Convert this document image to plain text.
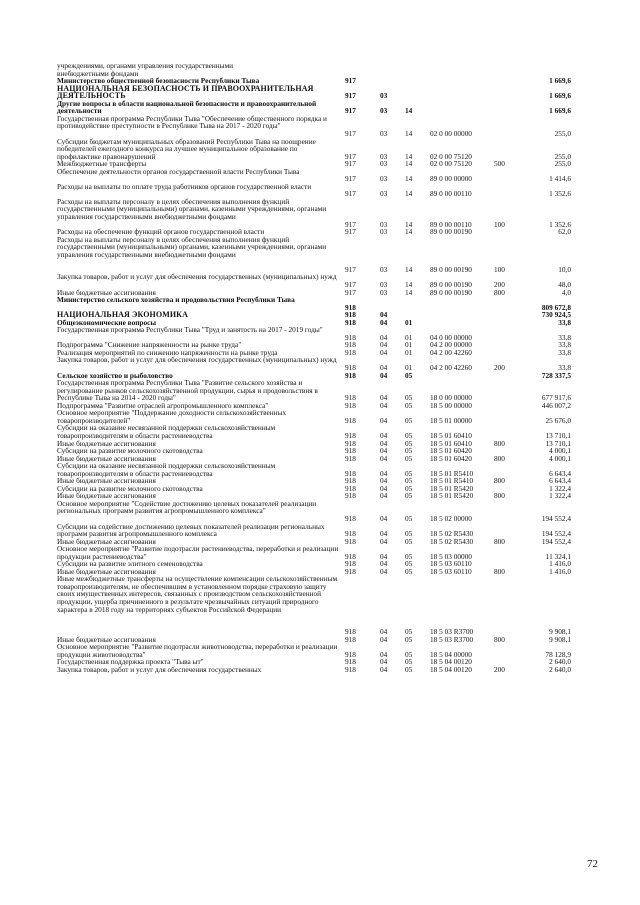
учреждениями, органами управления государственными
внебюджетными фондами
Министерство общественной безопасности Республики Тыва	917	1 669,6
НАЦИОНАЛЬНАЯ БЕЗОПАСНОСТЬ И ПРАВООХРАНИТЕЛЬНАЯ ДЕЯТЕЛЬНОСТЬ	917	03	1 669,6
Другие вопросы в области национальной безопасности и правоохранительной деятельности	917	03 14	1 669,6
Государственная программа Республики Тыва "Обеспечение общественного порядка и противодействие преступности в Республике Тыва на 2017 - 2020 годы"
917	03 14 02 0 00 00000	255,0
Субсидии бюджетам муниципальных образований Республики Тыва на поощрение победителей ежегодного конкурса на лучшее муниципальное образование по профилактике правонарушений	917	03 14 02 0 00 75120	255,0
Межбюджетные трансферты	917	03 14 02 0 00 75120	500	255,0
Обеспечение деятельности органов государственной власти Республики Тыва
917	03 14 89 0 00 00000	1 414,6
Расходы на выплаты по оплате труда работников органов государственной власти
917	03 14 89 0 00 00110	1 352,6
Расходы на выплаты персоналу в целях обеспечения выполнения функций государственными (муниципальными) органами, казенными учреждениями, органами управления государственными внебюджетными фондами
917	03 14 89 0 00 00110	100	1 352,6
Расходы на обеспечение функций органов государственной власти	917	03 14 89 0 00 00190	62,0
Расходы на выплаты персоналу в целях обеспечения выполнения функций государственными (муниципальными) органами, казенными учреждениями, органами управления государственными внебюджетными фондами
917	03 14 89 0 00 00190	100	10,0
Закупка товаров, работ и услуг для обеспечения государственных (муниципальных) нужд
917	03 14 89 0 00 00190	200	48,0
Иные бюджетные ассигнования	917	03 14 89 0 00 00190	800	4,0
Министерство сельского хозяйства и продовольствия Республики Тыва
918	809 672,8
НАЦИОНАЛЬНАЯ ЭКОНОМИКА	918	04	730 924,5
Общеэкономические вопросы	918	04 01	33,8
Государственная программа Республики Тыва "Труд и занятость на 2017 - 2019 годы"
918	04 01 04 0 00 00000	33,8
Подпрограмма "Снижение напряженности на рынке труда"	918	04 01 04 2 00 00000	33,8
Реализация мероприятий по снижению напряженности на рынке труда	918	04 01 04 2 00 42260	33,8
Закупка товаров, работ и услуг для обеспечения государственных (муниципальных) нужд
918	04 01 04 2 00 42260	200	33,8
Сельское хозяйство и рыболовство	918	04 05	728 337,5
Государственная программа Республики Тыва "Развитие сельского хозяйства и регулирование рынков сельскохозяйственной продукции, сырья и продовольствия в Республике Тыва на 2014 - 2020 годы"	918	04 05 18 0 00 00000	677 917,6
Подпрограмма "Развитие отраслей агропромышленного комплекса"	918	04 05 18 5 00 00000	446 007,2
Основное мероприятие "Поддержание доходности сельскохозяйственных товаропроизводителей"	918	04 05 18 5 01 00000	25 676,0
Субсидии на оказание несвязанной поддержки сельскохозяйственным товаропроизводителям в области растениеводства	918	04 05 18 5 01 60410	13 710,1
Иные бюджетные ассигнования	918	04 05 18 5 01 60410	800	13 710,1
Субсидии на развитие молочного скотоводства	918	04 05 18 5 01 60420	4 000,1
Иные бюджетные ассигнования	918	04 05 18 5 01 60420	800	4 000,1
Субсидии на оказание несвязанной поддержки сельскохозяйственным товаропроизводителям в области растениеводства	918	04 05 18 5 01 R5410	6 643,4
Иные бюджетные ассигнования	918	04 05 18 5 01 R5410	800	6 643,4
Субсидии на развитие молочного скотоводства	918	04 05 18 5 01 R5420	1 322,4
Иные бюджетные ассигнования	918	04 05 18 5 01 R5420	800	1 322,4
Основное мероприятие "Содействие достижению целевых показателей реализации региональных программ развития агропромышленного комплекса"
918	04 05 18 5 02 00000	194 552,4
Субсидии на содействие достижению целевых показателей реализации региональных программ развития агропромышленного комплекса	918	04 05 18 5 02 R5430	194 552,4
Иные бюджетные ассигнования	918	04 05 18 5 02 R5430	800	194 552,4
Основное мероприятие "Развитие подотрасли растениеводства, переработки и реализации продукции растениеводства"	918	04 05 18 5 03 00000	11 324,1
Субсидии на развитие элитного семеноводства	918	04 05 18 5 03 60110	1 416,0
Иные бюджетные ассигнования	918	04 05 18 5 03 60110	800	1 416,0
Иные межбюджетные трансферты на осуществление компенсации сельскохозяйственным товаропроизводителям, не обеспечившим в установленном порядке страховую защиту своих имущественных интересов, связанных с производством сельскохозяйственной продукции, ущерба причиненного в результате чрезвычайных ситуаций природного характера в 2018 году на территориях субъектов Российской Федерации
918	04 05 18 5 03 R3700	9 908,1
Иные бюджетные ассигнования	918	04 05 18 5 03 R3700	800	9 908,1
Основное мероприятие "Развитие подотрасли животноводства, переработки и реализации продукции животноводства"	918	04 05 18 5 04 00000	78 128,9
Государственная поддержка проекта "Тыва ыт"	918	04 05 18 5 04 00120	2 640,0
Закупка товаров, работ и услуг для обеспечения государственных	918	04 05 18 5 04 00120	200	2 640,0
72
